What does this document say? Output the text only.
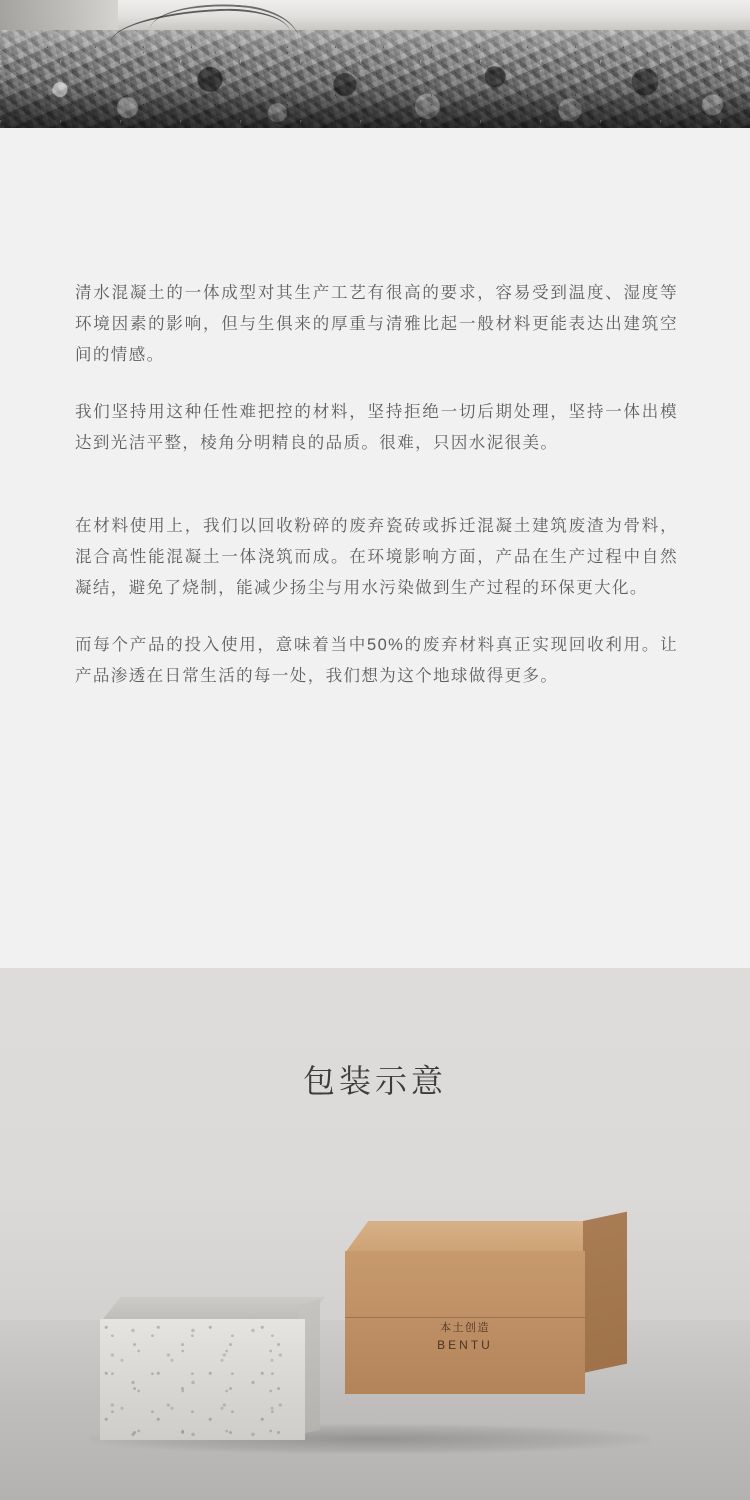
清水混凝土的一体成型对其生产工艺有很高的要求，容易受到温度、湿度等环境因素的影响，但与生俱来的厚重与清雅比起一般材料更能表达出建筑空间的情感。

我们坚持用这种任性难把控的材料，坚持拒绝一切后期处理，坚持一体出模达到光洁平整，棱角分明精良的品质。很难，只因水泥很美。

在材料使用上，我们以回收粉碎的废弃瓷砖或拆迁混凝土建筑废渣为骨料，混合高性能混凝土一体浇筑而成。在环境影响方面，产品在生产过程中自然凝结，避免了烧制，能减少扬尘与用水污染做到生产过程的环保更大化。

而每个产品的投入使用，意味着当中50%的废弃材料真正实现回收利用。让产品渗透在日常生活的每一处，我们想为这个地球做得更多。

包装示意
本土创造
BENTU
